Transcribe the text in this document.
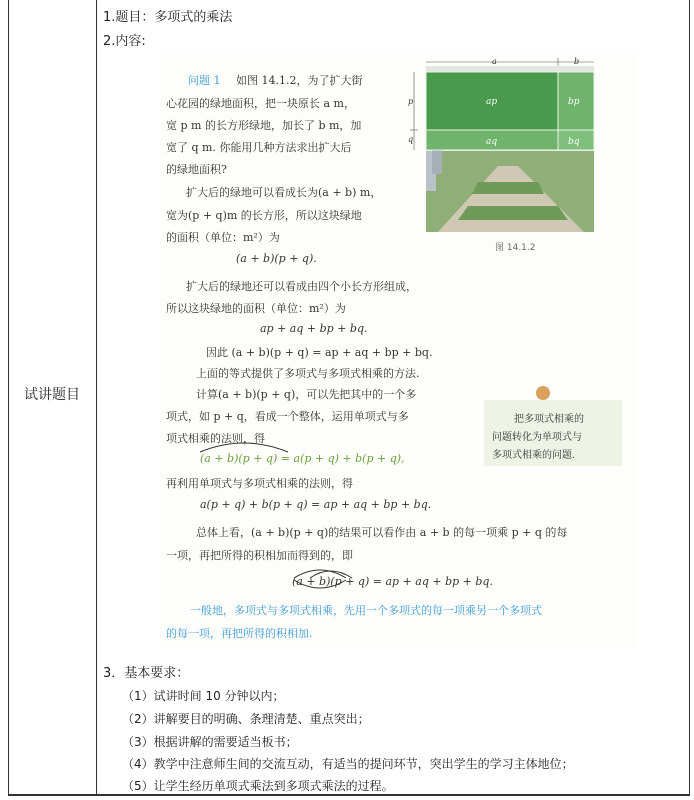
试讲题目
1.题目：多项式的乘法
2.内容:
问题 1 如图 14.1.2，为了扩大街
心花园的绿地面积，把一块原长 a m，
宽 p m 的长方形绿地，加长了 b m，加
宽了 q m. 你能用几种方法求出扩大后
的绿地面积?
扩大后的绿地可以看成长为(a + b) m，
宽为(p + q)m 的长方形，所以这块绿地
的面积（单位：m²）为
(a + b)(p + q).
扩大后的绿地还可以看成由四个小长方形组成，
所以这块绿地的面积（单位：m²）为
ap + aq + bp + bq.
因此 (a + b)(p + q) = ap + aq + bp + bq.
上面的等式提供了多项式与多项式相乘的方法.
计算(a + b)(p + q)，可以先把其中的一个多
项式，如 p + q，看成一个整体，运用单项式与多
项式相乘的法则，得
(a + b)(p + q) = a(p + q) + b(p + q),
再利用单项式与多项式相乘的法则，得
a(p + q) + b(p + q) = ap + aq + bp + bq.
总体上看，(a + b)(p + q)的结果可以看作由 a + b 的每一项乘 p + q 的每
一项，再把所得的积相加而得到的，即
(a + b)(p + q) = ap + aq + bp + bq.
一般地，多项式与多项式相乘，先用一个多项式的每一项乘另一个多项式
的每一项，再把所得的积相加.
把多项式相乘的
问题转化为单项式与
多项式相乘的问题.
a	b
p
q
ap	bp
aq	bq
图 14.1.2
3．基本要求：
（1）试讲时间 10 分钟以内；
（2）讲解要目的明确、条理清楚、重点突出；
（3）根据讲解的需要适当板书；
（4）教学中注意师生间的交流互动，有适当的提问环节，突出学生的学习主体地位；
（5）让学生经历单项式乘法到多项式乘法的过程。
